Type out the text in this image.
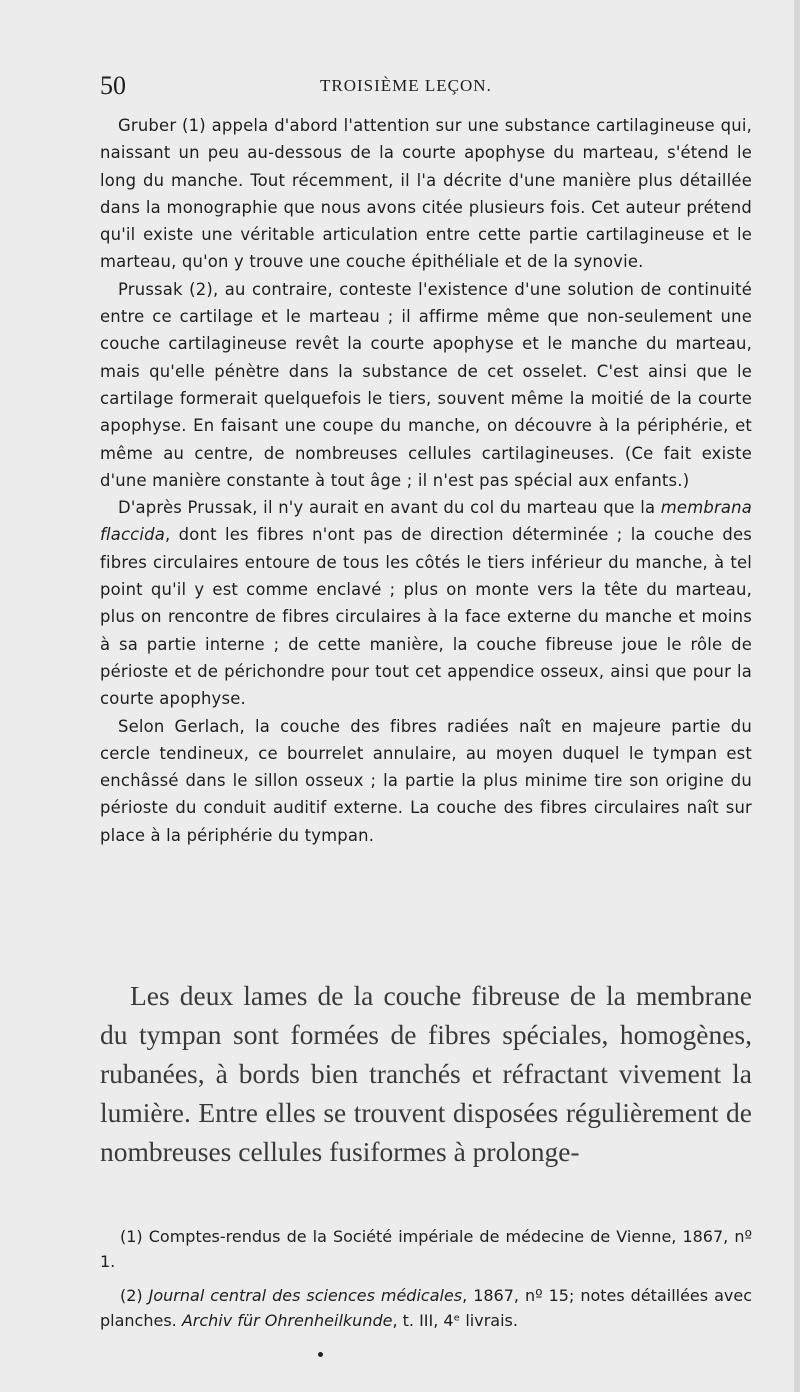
50	TROISIÈME LEÇON.

Gruber (1) appela d'abord l'attention sur une substance cartilagineuse qui, naissant un peu au-dessous de la courte apophyse du marteau, s'étend le long du manche. Tout récemment, il l'a décrite d'une manière plus détaillée dans la monographie que nous avons citée plusieurs fois. Cet auteur prétend qu'il existe une véritable articulation entre cette partie cartilagineuse et le marteau, qu'on y trouve une couche épithéliale et de la synovie.

Prussak (2), au contraire, conteste l'existence d'une solution de continuité entre ce cartilage et le marteau ; il affirme même que non-seulement une couche cartilagineuse revêt la courte apophyse et le manche du marteau, mais qu'elle pénètre dans la substance de cet osselet. C'est ainsi que le cartilage formerait quelquefois le tiers, souvent même la moitié de la courte apophyse. En faisant une coupe du manche, on découvre à la périphérie, et même au centre, de nombreuses cellules cartilagineuses. (Ce fait existe d'une manière constante à tout âge ; il n'est pas spécial aux enfants.)

D'après Prussak, il n'y aurait en avant du col du marteau que la membrana flaccida, dont les fibres n'ont pas de direction déterminée ; la couche des fibres circulaires entoure de tous les côtés le tiers inférieur du manche, à tel point qu'il y est comme enclavé ; plus on monte vers la tête du marteau, plus on rencontre de fibres circulaires à la face externe du manche et moins à sa partie interne ; de cette manière, la couche fibreuse joue le rôle de périoste et de périchondre pour tout cet appendice osseux, ainsi que pour la courte apophyse.

Selon Gerlach, la couche des fibres radiées naît en majeure partie du cercle tendineux, ce bourrelet annulaire, au moyen duquel le tympan est enchâssé dans le sillon osseux ; la partie la plus minime tire son origine du périoste du conduit auditif externe. La couche des fibres circulaires naît sur place à la périphérie du tympan.

Les deux lames de la couche fibreuse de la membrane du tympan sont formées de fibres spéciales, homogènes, rubanées, à bords bien tranchés et réfractant vivement la lumière. Entre elles se trouvent disposées régulièrement de nombreuses cellules fusiformes à prolonge-

(1) Comptes-rendus de la Société impériale de médecine de Vienne, 1867, nº 1.

(2) Journal central des sciences médicales, 1867, nº 15; notes détaillées avec planches. Archiv für Ohrenheilkunde, t. III, 4ᵉ livrais.
